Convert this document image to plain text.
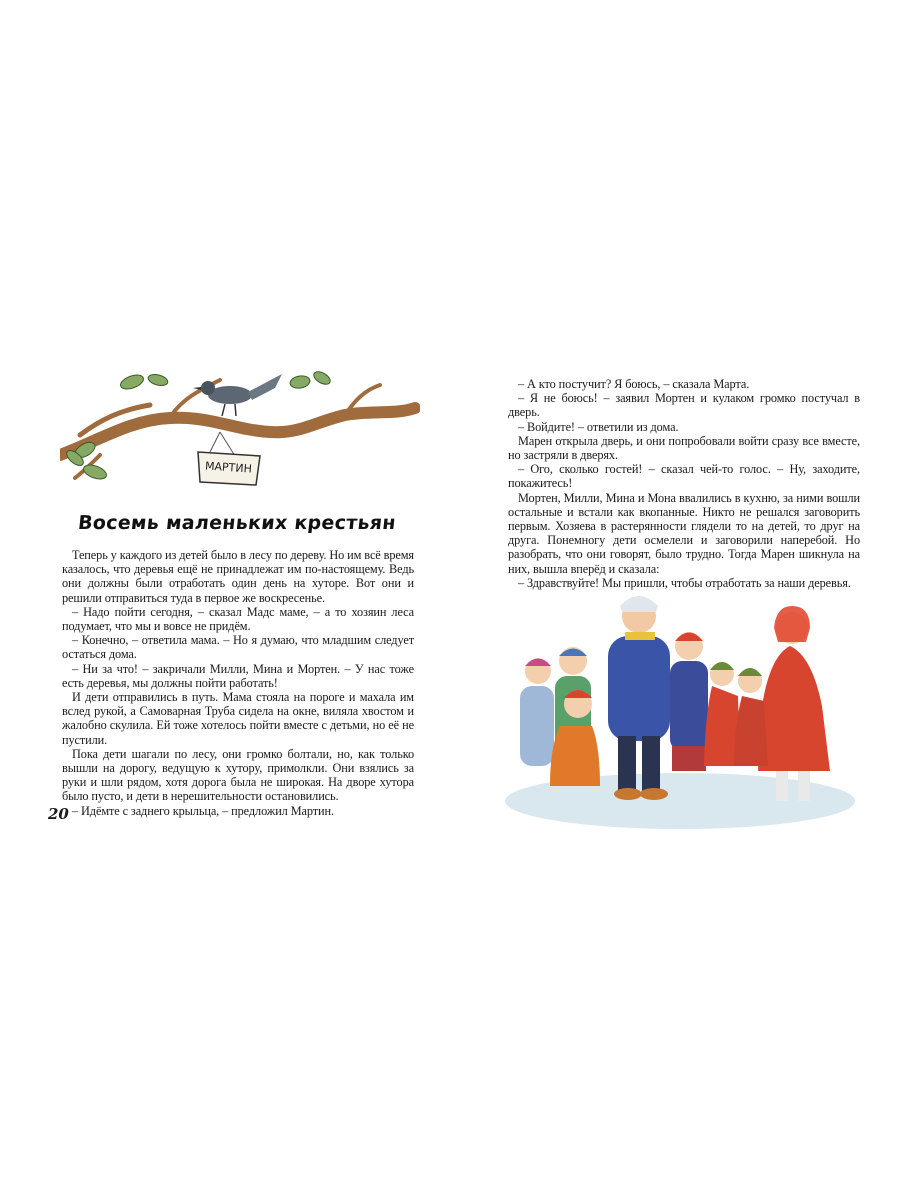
МАРТИН
Восемь маленьких крестьян

Теперь у каждого из детей было в лесу по дереву. Но им всё время казалось, что деревья ещё не принадлежат им по-настоящему. Ведь они должны были отработать один день на хуторе. Вот они и решили отправиться туда в первое же воскресенье.

– Надо пойти сегодня, – сказал Мадс маме, – а то хозяин леса подумает, что мы и вовсе не придём.

– Конечно, – ответила мама. – Но я думаю, что младшим следует остаться дома.

– Ни за что! – закричали Милли, Мина и Мортен. – У нас тоже есть деревья, мы должны пойти работать!

И дети отправились в путь. Мама стояла на пороге и махала им вслед рукой, а Самоварная Труба сидела на окне, виляла хвостом и жалобно скулила. Ей тоже хотелось пойти вместе с детьми, но её не пустили.

Пока дети шагали по лесу, они громко болтали, но, как только вышли на дорогу, ведущую к хутору, примолкли. Они взялись за руки и шли рядом, хотя дорога была не широкая. На дворе хутора было пусто, и дети в нерешительности остановились.

– Идёмте с заднего крыльца, – предложил Мартин.

20

– А кто постучит? Я боюсь, – сказала Марта.

– Я не боюсь! – заявил Мортен и кулаком громко постучал в дверь.

– Войдите! – ответили из дома.

Марен открыла дверь, и они попробовали войти сразу все вместе, но застряли в дверях.

– Ого, сколько гостей! – сказал чей-то голос. – Ну, заходите, покажитесь!

Мортен, Милли, Мина и Мона ввалились в кухню, за ними вошли остальные и встали как вкопанные. Никто не решался заговорить первым. Хозяева в растерянности глядели то на детей, то друг на друга. Понемногу дети осмелели и заговорили наперебой. Но разобрать, что они говорят, было трудно. Тогда Марен шикнула на них, вышла вперёд и сказала:

– Здравствуйте! Мы пришли, чтобы отработать за наши деревья.
